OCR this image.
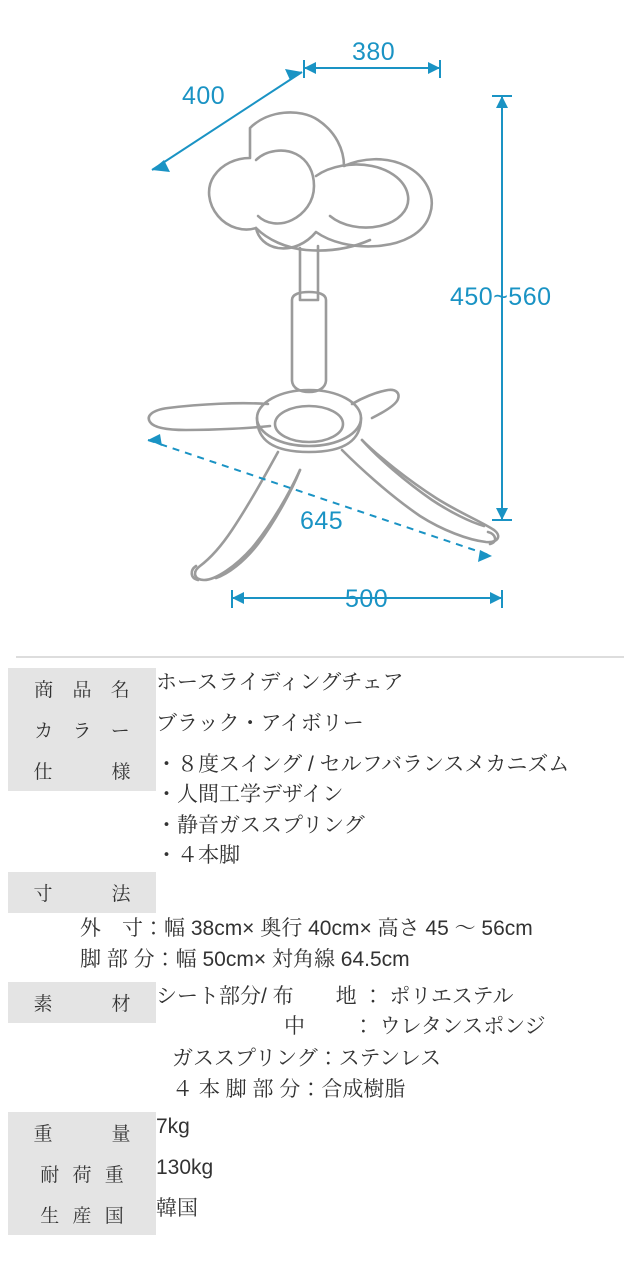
380
400
450~560
645
500
商 品 名	ホースライディングチェア

カ ラ ー	ブラック・アイボリー

仕　　様	・８度スイング / セルフバランスメカニズム
・人間工学デザイン
・静音ガススプリング
・４本脚

寸　　法	

外　寸：幅 38cm× 奥行 40cm× 高さ 45 〜 56cm
脚 部 分：幅 50cm× 対角線 64.5cm	

素　　材	シート部分/ 布　　地 ： ポリエステル
中　　 ： ウレタンスポンジ

ガススプリング：ステンレス
４ 本 脚 部 分：合成樹脂	

重　　量	7kg

耐 荷 重	130kg

生 産 国	韓国
